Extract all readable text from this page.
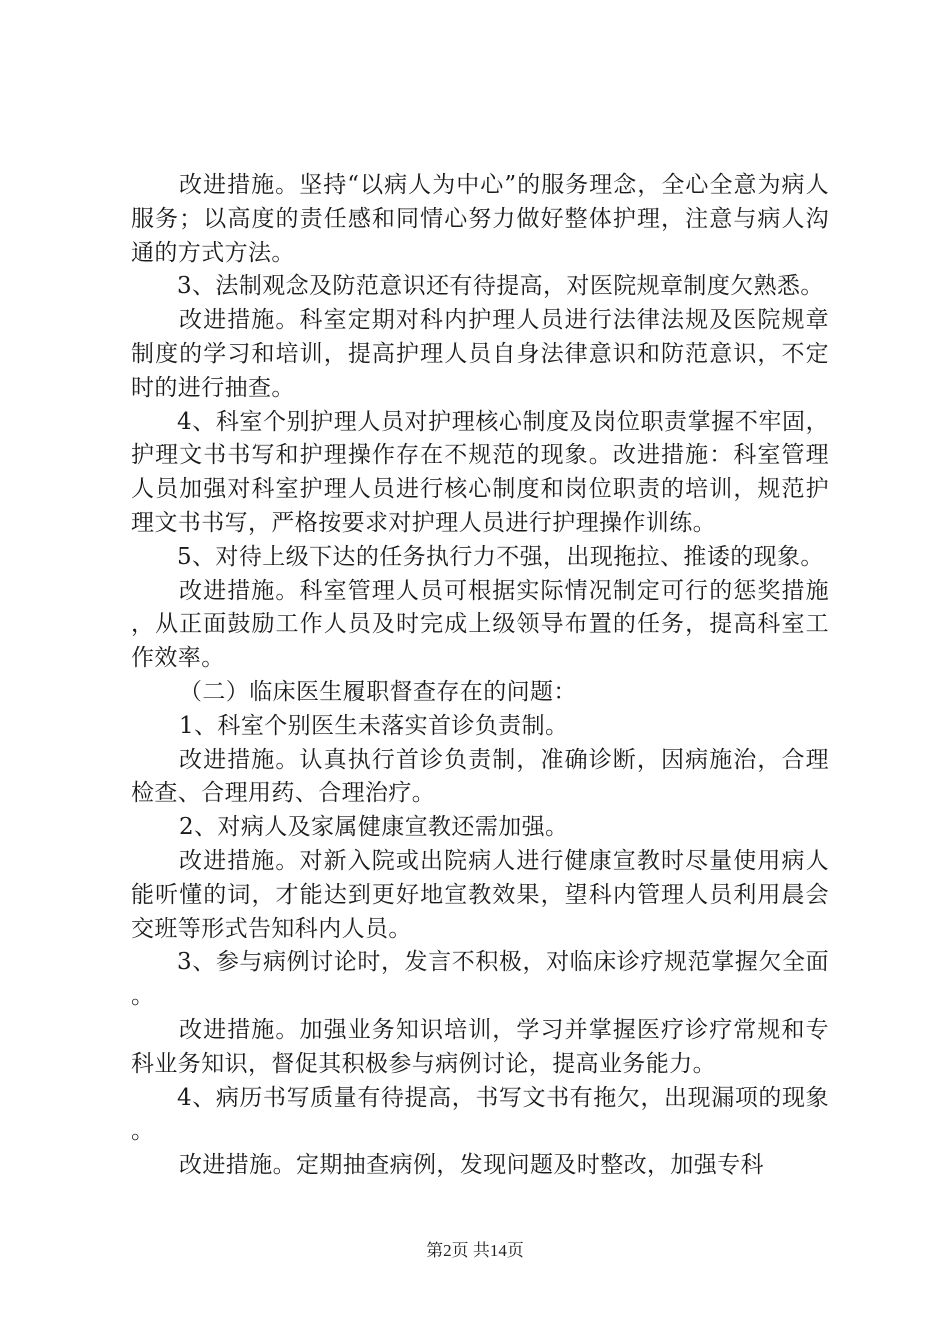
改进措施。坚持“以病人为中心”的服务理念，全心全意为病人服务；以高度的责任感和同情心努力做好整体护理，注意与病人沟通的方式方法。

3、法制观念及防范意识还有待提高，对医院规章制度欠熟悉。

改进措施。科室定期对科内护理人员进行法律法规及医院规章制度的学习和培训，提高护理人员自身法律意识和防范意识，不定时的进行抽查。

4、科室个别护理人员对护理核心制度及岗位职责掌握不牢固，护理文书书写和护理操作存在不规范的现象。改进措施：科室管理人员加强对科室护理人员进行核心制度和岗位职责的培训，规范护理文书书写，严格按要求对护理人员进行护理操作训练。

5、对待上级下达的任务执行力不强，出现拖拉、推诿的现象。

改进措施。科室管理人员可根据实际情况制定可行的惩奖措施，从正面鼓励工作人员及时完成上级领导布置的任务，提高科室工作效率。

（二）临床医生履职督查存在的问题：

1、科室个别医生未落实首诊负责制。

改进措施。认真执行首诊负责制，准确诊断，因病施治，合理检查、合理用药、合理治疗。

2、对病人及家属健康宣教还需加强。

改进措施。对新入院或出院病人进行健康宣教时尽量使用病人能听懂的词，才能达到更好地宣教效果，望科内管理人员利用晨会交班等形式告知科内人员。

3、参与病例讨论时，发言不积极，对临床诊疗规范掌握欠全面。

改进措施。加强业务知识培训，学习并掌握医疗诊疗常规和专科业务知识，督促其积极参与病例讨论，提高业务能力。

4、病历书写质量有待提高，书写文书有拖欠，出现漏项的现象。

改进措施。定期抽查病例，发现问题及时整改，加强专科

第2页 共14页
